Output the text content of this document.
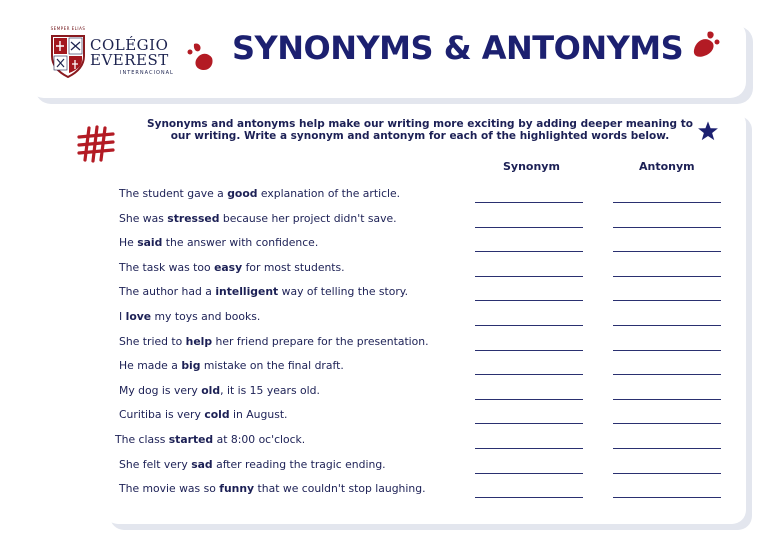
SEMPER ELIAS
COLÉGIO
EVEREST
INTERNACIONAL
SYNONYMS & ANTONYMS

Synonyms and antonyms help make our writing more exciting by adding deeper meaning to our writing. Write a synonym and antonym for each of the highlighted words below.

Synonym	Antonym
The student gave a good explanation of the article.
She was stressed because her project didn't save.
He said the answer with confidence.
The task was too easy for most students.
The author had a intelligent way of telling the story.
I love my toys and books.
She tried to help her friend prepare for the presentation.
He made a big mistake on the final draft.
My dog is very old, it is 15 years old.
Curitiba is very cold in August.
The class started at 8:00 oc'clock.
She felt very sad after reading the tragic ending.
The movie was so funny that we couldn't stop laughing.
